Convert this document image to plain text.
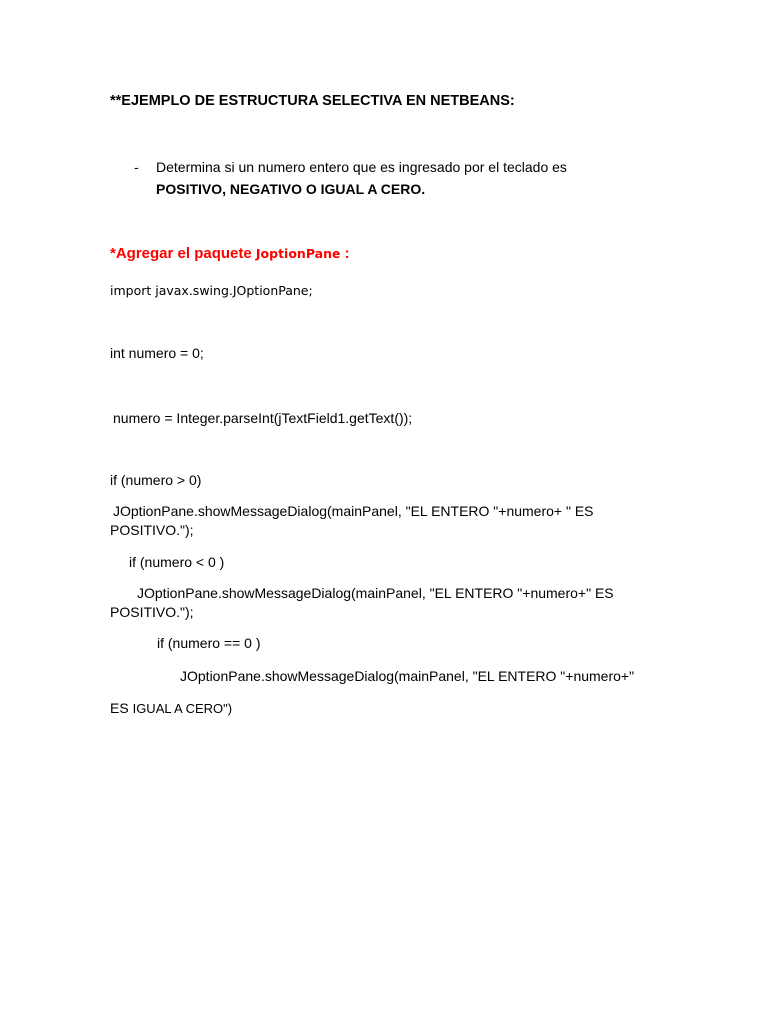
**EJEMPLO DE ESTRUCTURA SELECTIVA EN NETBEANS:
- Determina si un numero entero que es ingresado por el teclado es
POSITIVO, NEGATIVO O IGUAL A CERO.
*Agregar el paquete JoptionPane :
import javax.swing.JOptionPane;
int numero = 0;
numero = Integer.parseInt(jTextField1.getText());
if (numero > 0)
JOptionPane.showMessageDialog(mainPanel, "EL ENTERO "+numero+ " ES
POSITIVO.");
if (numero < 0 )
JOptionPane.showMessageDialog(mainPanel, "EL ENTERO "+numero+" ES
POSITIVO.");
if (numero == 0 )
JOptionPane.showMessageDialog(mainPanel, "EL ENTERO "+numero+"
ES IGUAL A CERO")
